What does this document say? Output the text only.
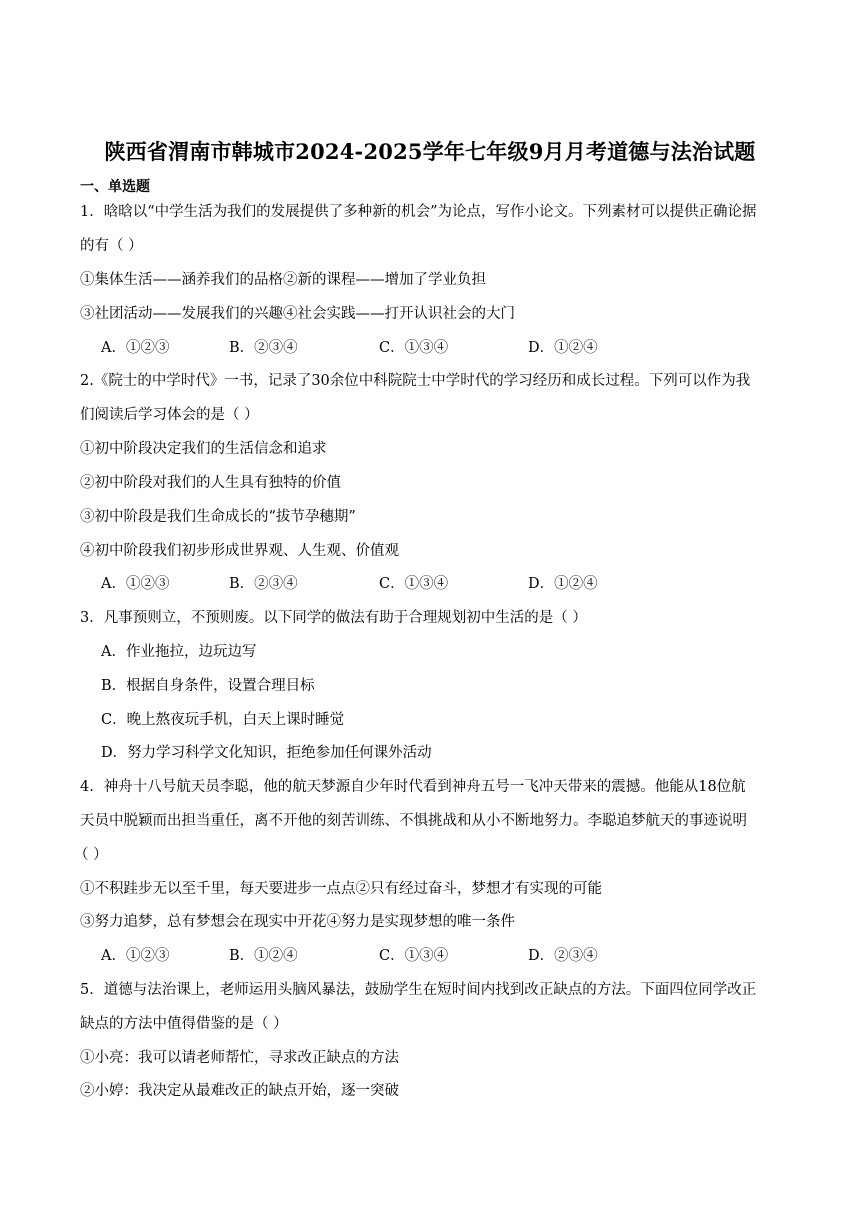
陕西省渭南市韩城市2024-2025学年七年级9月月考道德与法治试题
一、单选题
1．晗晗以“中学生活为我们的发展提供了多种新的机会”为论点，写作小论文。下列素材可以提供正确论据
的有（ ）
①集体生活——涵养我们的品格②新的课程——增加了学业负担
③社团活动——发展我们的兴趣④社会实践——打开认识社会的大门
A．①②③	B．②③④	C．①③④	D．①②④
2.《院士的中学时代》一书，记录了30余位中科院院士中学时代的学习经历和成长过程。下列可以作为我
们阅读后学习体会的是（ ）
①初中阶段决定我们的生活信念和追求
②初中阶段对我们的人生具有独特的价值
③初中阶段是我们生命成长的“拔节孕穗期”
④初中阶段我们初步形成世界观、人生观、价值观
A．①②③	B．②③④	C．①③④	D．①②④
3．凡事预则立，不预则废。以下同学的做法有助于合理规划初中生活的是（ ）
A．作业拖拉，边玩边写
B．根据自身条件，设置合理目标
C．晚上熬夜玩手机，白天上课时睡觉
D．努力学习科学文化知识，拒绝参加任何课外活动
4．神舟十八号航天员李聪，他的航天梦源自少年时代看到神舟五号一飞冲天带来的震撼。他能从18位航
天员中脱颖而出担当重任，离不开他的刻苦训练、不惧挑战和从小不断地努力。李聪追梦航天的事迹说明
（ ）
①不积跬步无以至千里，每天要进步一点点②只有经过奋斗，梦想才有实现的可能
③努力追梦，总有梦想会在现实中开花④努力是实现梦想的唯一条件
A．①②③	B．①②④	C．①③④	D．②③④
5．道德与法治课上，老师运用头脑风暴法，鼓励学生在短时间内找到改正缺点的方法。下面四位同学改正
缺点的方法中值得借鉴的是（ ）
①小亮：我可以请老师帮忙，寻求改正缺点的方法
②小婷：我决定从最难改正的缺点开始，逐一突破
